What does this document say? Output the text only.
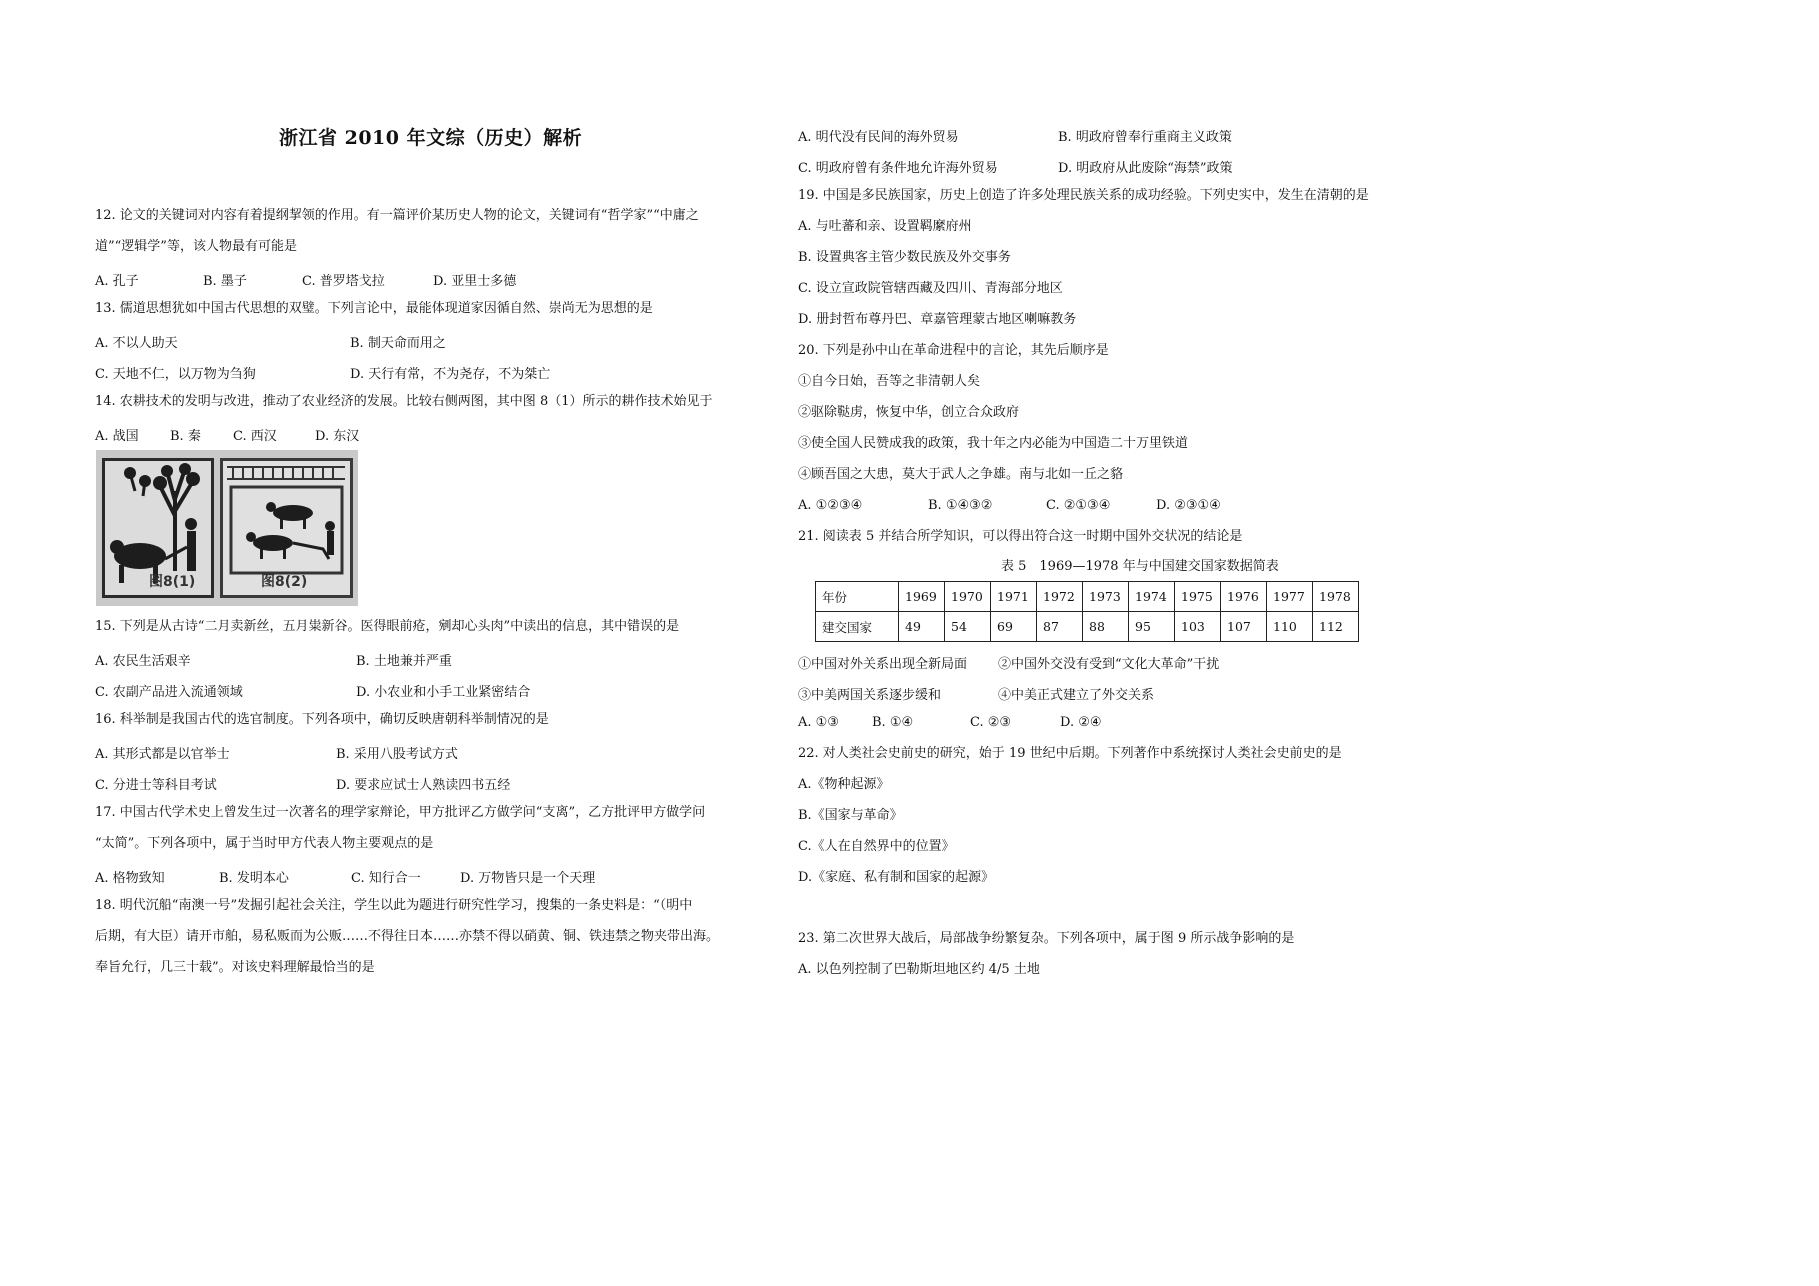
浙江省 2010 年文综（历史）解析
12. 论文的关键词对内容有着提纲挈领的作用。有一篇评价某历史人物的论文，关键词有“哲学家”“中庸之
道”“逻辑学”等，该人物最有可能是
A. 孔子	B. 墨子	C. 普罗塔戈拉	D. 亚里士多德
13. 儒道思想犹如中国古代思想的双璧。下列言论中，最能体现道家因循自然、崇尚无为思想的是
A. 不以人助天	B. 制天命而用之
C. 天地不仁，以万物为刍狗	D. 天行有常，不为尧存，不为桀亡
14. 农耕技术的发明与改进，推动了农业经济的发展。比较右侧两图，其中图 8（1）所示的耕作技术始见于
A. 战国 B. 秦 C. 西汉	D. 东汉
图8(1)	图8(2)
15. 下列是从古诗“二月卖新丝，五月粜新谷。医得眼前疮，剜却心头肉”中读出的信息，其中错误的是
A. 农民生活艰辛	B. 土地兼并严重
C. 农副产品进入流通领域	D. 小农业和小手工业紧密结合
16. 科举制是我国古代的选官制度。下列各项中，确切反映唐朝科举制情况的是
A. 其形式都是以官举士	B. 采用八股考试方式
C. 分进士等科目考试	D. 要求应试士人熟读四书五经
17. 中国古代学术史上曾发生过一次著名的理学家辩论，甲方批评乙方做学问“支离”，乙方批评甲方做学问
“太简”。下列各项中，属于当时甲方代表人物主要观点的是
A. 格物致知	B. 发明本心	C. 知行合一	D. 万物皆只是一个天理
18. 明代沉船“南澳一号”发掘引起社会关注，学生以此为题进行研究性学习，搜集的一条史料是：“（明中
后期，有大臣）请开市舶，易私贩而为公贩……不得往日本……亦禁不得以硝黄、铜、铁违禁之物夹带出海。
奉旨允行，几三十载”。对该史料理解最恰当的是
A. 明代没有民间的海外贸易	B. 明政府曾奉行重商主义政策
C. 明政府曾有条件地允许海外贸易	D. 明政府从此废除“海禁”政策
19. 中国是多民族国家，历史上创造了许多处理民族关系的成功经验。下列史实中，发生在清朝的是
A. 与吐蕃和亲、设置羁縻府州
B. 设置典客主管少数民族及外交事务
C. 设立宣政院管辖西藏及四川、青海部分地区
D. 册封哲布尊丹巴、章嘉管理蒙古地区喇嘛教务
20. 下列是孙中山在革命进程中的言论，其先后顺序是
①自今日始，吾等之非清朝人矣
②驱除鞑虏，恢复中华，创立合众政府
③使全国人民赞成我的政策，我十年之内必能为中国造二十万里铁道
④顾吾国之大患，莫大于武人之争雄。南与北如一丘之貉
A. ①②③④	B. ①④③②	C. ②①③④	D. ②③①④
21. 阅读表 5 并结合所学知识，可以得出符合这一时期中国外交状况的结论是
表 5　1969—1978 年与中国建交国家数据简表
年份	1969	1970	1971	1972	1973	1974	1975	1976	1977	1978
建交国家	49	54	69	87	88	95	103	107	110	112
①中国对外关系出现全新局面 ②中国外交没有受到“文化大革命”干扰
③中美两国关系逐步缓和	④中美正式建立了外交关系
A. ①③	B. ①④	C. ②③	D. ②④
22. 对人类社会史前史的研究，始于 19 世纪中后期。下列著作中系统探讨人类社会史前史的是
A.《物种起源》
B.《国家与革命》
C.《人在自然界中的位置》
D.《家庭、私有制和国家的起源》
23. 第二次世界大战后，局部战争纷繁复杂。下列各项中，属于图 9 所示战争影响的是
A. 以色列控制了巴勒斯坦地区约 4/5 土地
